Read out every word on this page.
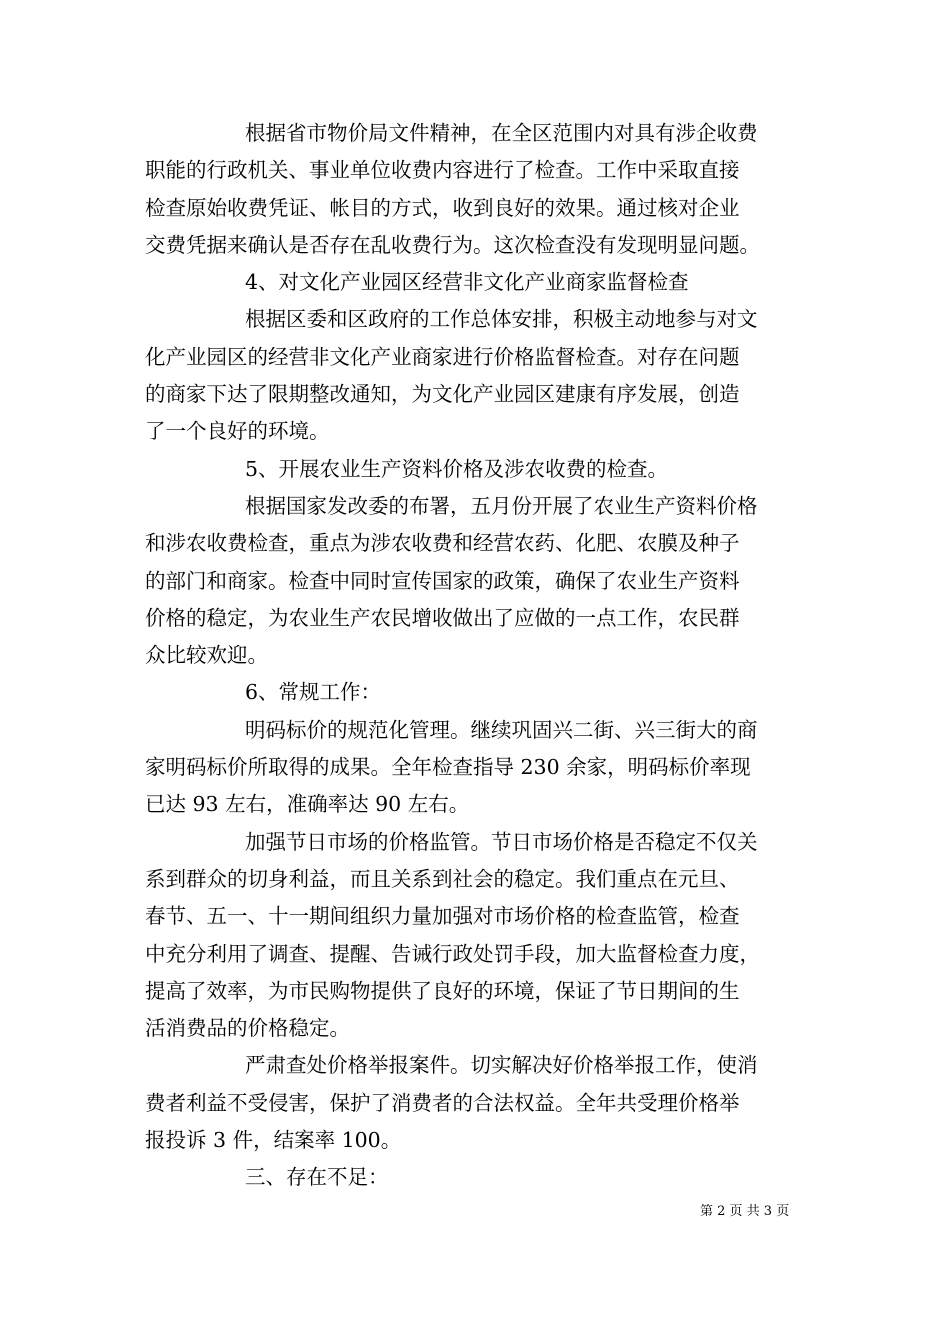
根据省市物价局文件精神，在全区范围内对具有涉企收费
职能的行政机关、事业单位收费内容进行了检查。工作中采取直接
检查原始收费凭证、帐目的方式，收到良好的效果。通过核对企业
交费凭据来确认是否存在乱收费行为。这次检查没有发现明显问题。
4、对文化产业园区经营非文化产业商家监督检查
根据区委和区政府的工作总体安排，积极主动地参与对文
化产业园区的经营非文化产业商家进行价格监督检查。对存在问题
的商家下达了限期整改通知，为文化产业园区建康有序发展，创造
了一个良好的环境。
5、开展农业生产资料价格及涉农收费的检查。
根据国家发改委的布署，五月份开展了农业生产资料价格
和涉农收费检查，重点为涉农收费和经营农药、化肥、农膜及种子
的部门和商家。检查中同时宣传国家的政策，确保了农业生产资料
价格的稳定，为农业生产农民增收做出了应做的一点工作，农民群
众比较欢迎。
6、常规工作：
明码标价的规范化管理。继续巩固兴二街、兴三街大的商
家明码标价所取得的成果。全年检查指导 230 余家，明码标价率现
已达 93 左右，准确率达 90 左右。
加强节日市场的价格监管。节日市场价格是否稳定不仅关
系到群众的切身利益，而且关系到社会的稳定。我们重点在元旦、
春节、五一、十一期间组织力量加强对市场价格的检查监管，检查
中充分利用了调查、提醒、告诫行政处罚手段，加大监督检查力度，
提高了效率，为市民购物提供了良好的环境，保证了节日期间的生
活消费品的价格稳定。
严肃查处价格举报案件。切实解决好价格举报工作，使消
费者利益不受侵害，保护了消费者的合法权益。全年共受理价格举
报投诉 3 件，结案率 100。
三、存在不足：
第 2 页 共 3 页
